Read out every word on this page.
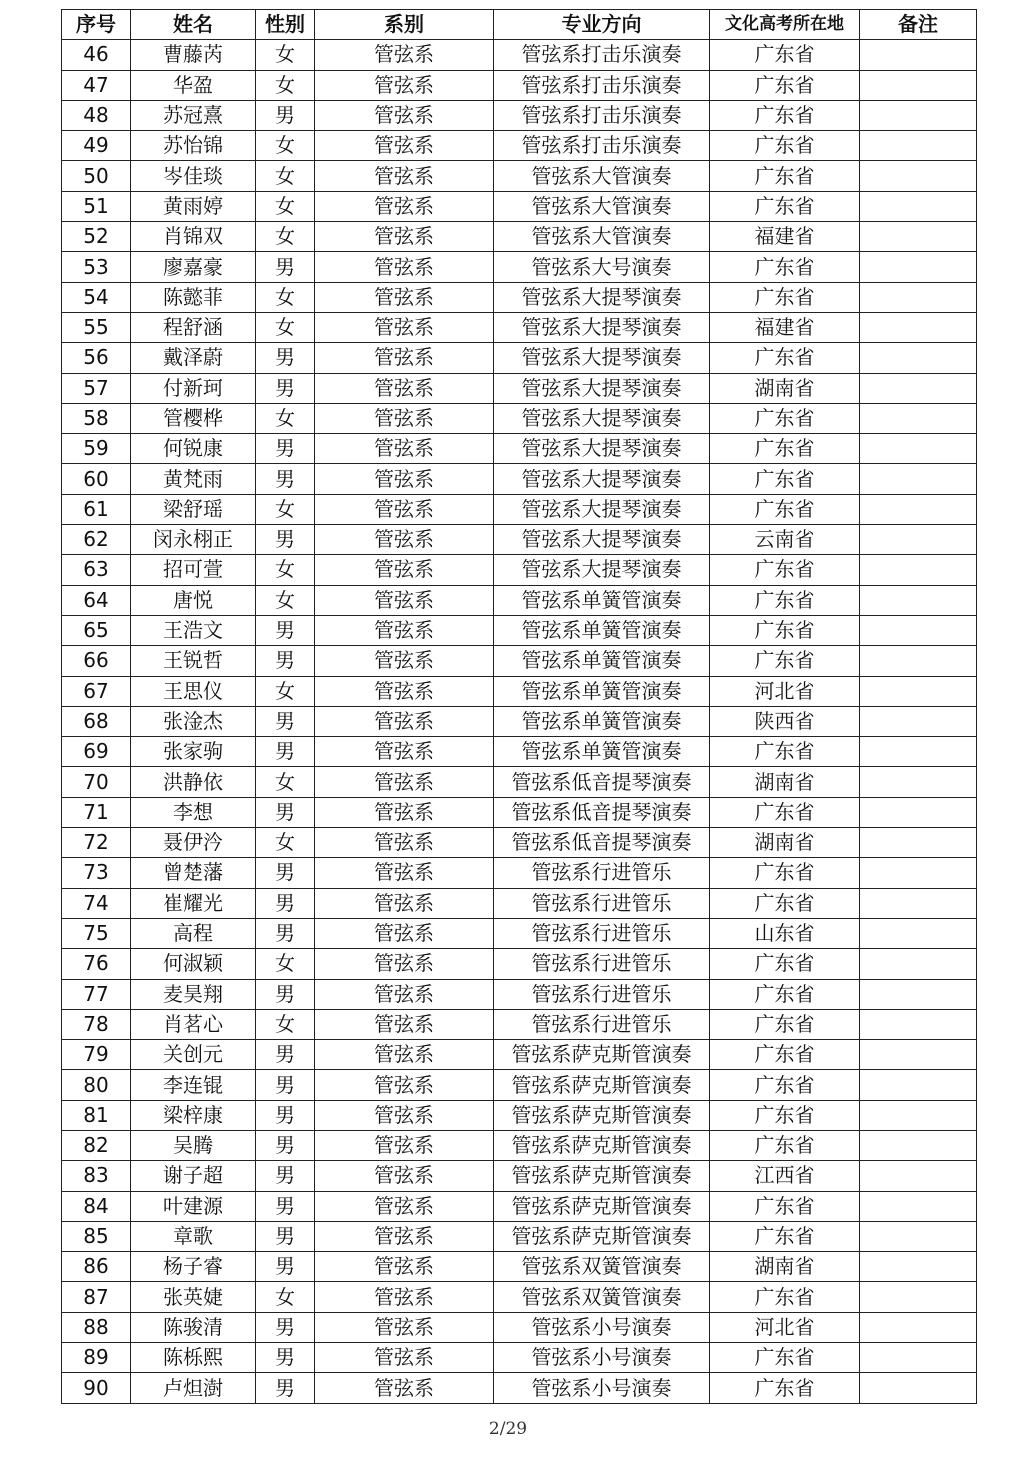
序号	姓名	性别	系别	专业方向	文化高考所在地	备注
46	曹藤芮	女	管弦系	管弦系打击乐演奏	广东省	
47	华盈	女	管弦系	管弦系打击乐演奏	广东省	
48	苏冠熹	男	管弦系	管弦系打击乐演奏	广东省	
49	苏怡锦	女	管弦系	管弦系打击乐演奏	广东省	
50	岑佳琰	女	管弦系	管弦系大管演奏	广东省	
51	黄雨婷	女	管弦系	管弦系大管演奏	广东省	
52	肖锦双	女	管弦系	管弦系大管演奏	福建省	
53	廖嘉豪	男	管弦系	管弦系大号演奏	广东省	
54	陈懿菲	女	管弦系	管弦系大提琴演奏	广东省	
55	程舒涵	女	管弦系	管弦系大提琴演奏	福建省	
56	戴泽蔚	男	管弦系	管弦系大提琴演奏	广东省	
57	付新珂	男	管弦系	管弦系大提琴演奏	湖南省	
58	管樱桦	女	管弦系	管弦系大提琴演奏	广东省	
59	何锐康	男	管弦系	管弦系大提琴演奏	广东省	
60	黄梵雨	男	管弦系	管弦系大提琴演奏	广东省	
61	梁舒瑶	女	管弦系	管弦系大提琴演奏	广东省	
62	闵永栩正	男	管弦系	管弦系大提琴演奏	云南省	
63	招可萱	女	管弦系	管弦系大提琴演奏	广东省	
64	唐悦	女	管弦系	管弦系单簧管演奏	广东省	
65	王浩文	男	管弦系	管弦系单簧管演奏	广东省	
66	王锐哲	男	管弦系	管弦系单簧管演奏	广东省	
67	王思仪	女	管弦系	管弦系单簧管演奏	河北省	
68	张淦杰	男	管弦系	管弦系单簧管演奏	陕西省	
69	张家驹	男	管弦系	管弦系单簧管演奏	广东省	
70	洪静依	女	管弦系	管弦系低音提琴演奏	湖南省	
71	李想	男	管弦系	管弦系低音提琴演奏	广东省	
72	聂伊汵	女	管弦系	管弦系低音提琴演奏	湖南省	
73	曾楚藩	男	管弦系	管弦系行进管乐	广东省	
74	崔耀光	男	管弦系	管弦系行进管乐	广东省	
75	高程	男	管弦系	管弦系行进管乐	山东省	
76	何淑颖	女	管弦系	管弦系行进管乐	广东省	
77	麦昊翔	男	管弦系	管弦系行进管乐	广东省	
78	肖茗心	女	管弦系	管弦系行进管乐	广东省	
79	关创元	男	管弦系	管弦系萨克斯管演奏	广东省	
80	李连锟	男	管弦系	管弦系萨克斯管演奏	广东省	
81	梁梓康	男	管弦系	管弦系萨克斯管演奏	广东省	
82	吴腾	男	管弦系	管弦系萨克斯管演奏	广东省	
83	谢子超	男	管弦系	管弦系萨克斯管演奏	江西省	
84	叶建源	男	管弦系	管弦系萨克斯管演奏	广东省	
85	章歌	男	管弦系	管弦系萨克斯管演奏	广东省	
86	杨子睿	男	管弦系	管弦系双簧管演奏	湖南省	
87	张英婕	女	管弦系	管弦系双簧管演奏	广东省	
88	陈骏清	男	管弦系	管弦系小号演奏	河北省	
89	陈栎熙	男	管弦系	管弦系小号演奏	广东省	
90	卢炟澍	男	管弦系	管弦系小号演奏	广东省	
2/29
